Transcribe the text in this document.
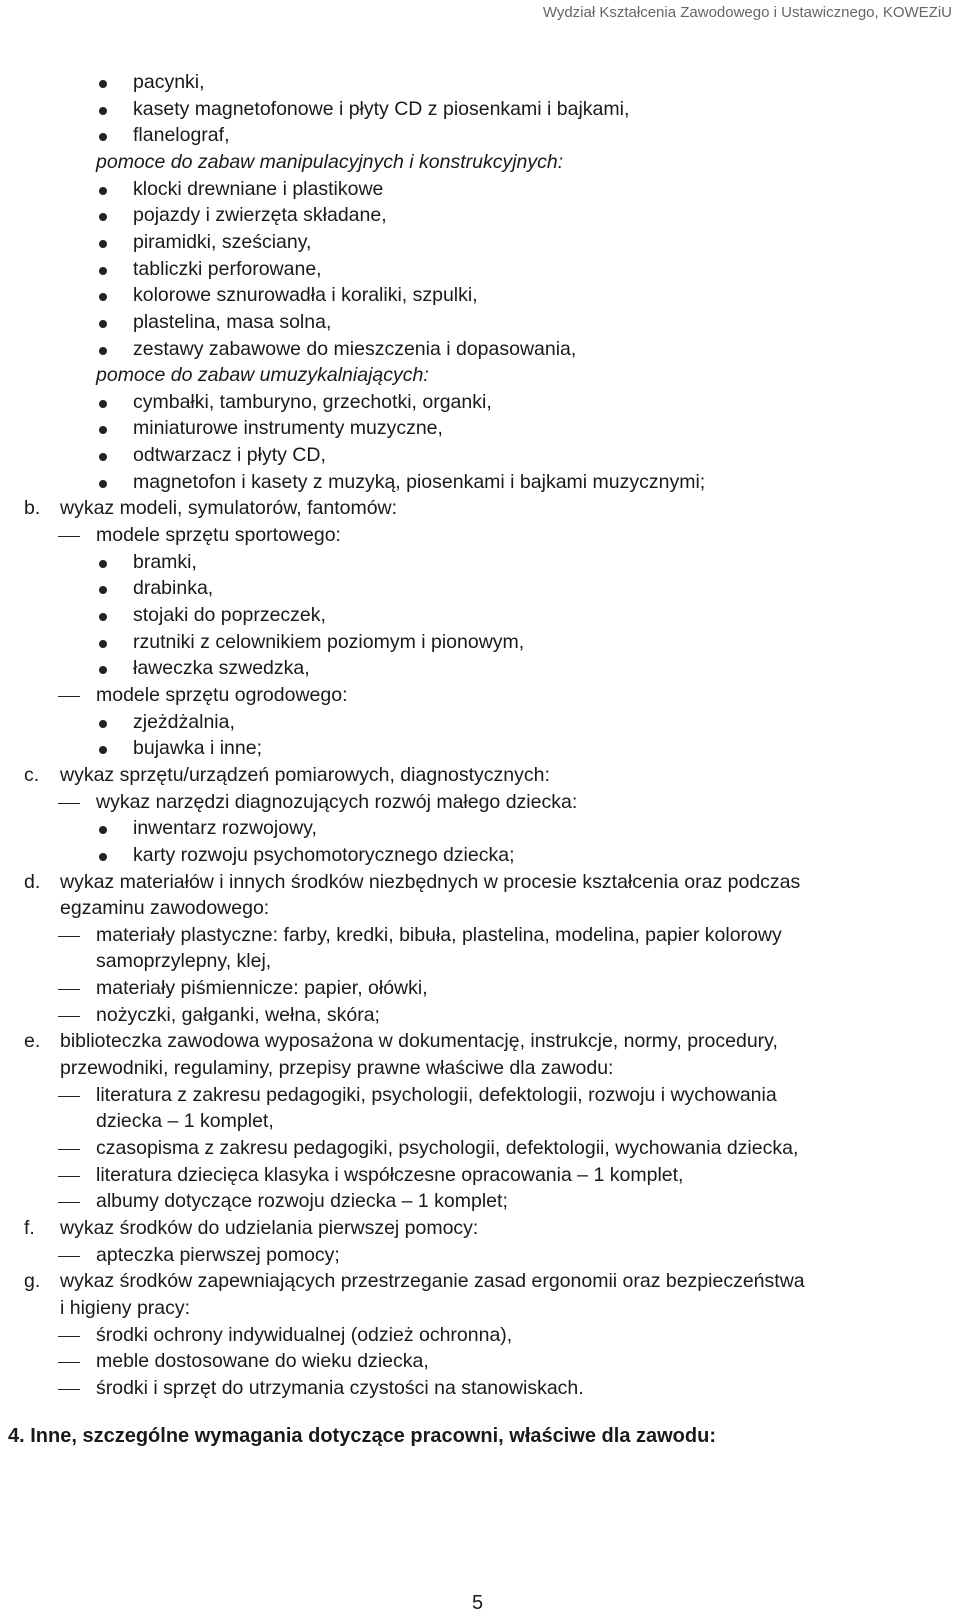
Wydział Kształcenia Zawodowego i Ustawicznego, KOWEZiU
pacynki,
kasety magnetofonowe i płyty CD z piosenkami i bajkami,
flanelograf,
pomoce do zabaw manipulacyjnych i konstrukcyjnych:
klocki drewniane i plastikowe
pojazdy i zwierzęta składane,
piramidki, sześciany,
tabliczki perforowane,
kolorowe sznurowadła i koraliki, szpulki,
plastelina, masa solna,
zestawy zabawowe do mieszczenia i dopasowania,
pomoce do zabaw umuzykalniających:
cymbałki, tamburyno, grzechotki, organki,
miniaturowe instrumenty muzyczne,
odtwarzacz i płyty CD,
magnetofon i kasety z muzyką, piosenkami i bajkami muzycznymi;
b. wykaz modeli, symulatorów, fantomów:
modele sprzętu sportowego:
bramki,
drabinka,
stojaki do poprzeczek,
rzutniki z celownikiem poziomym i pionowym,
ławeczka szwedzka,
modele sprzętu ogrodowego:
zjeżdżalnia,
bujawka i inne;
c. wykaz sprzętu/urządzeń pomiarowych, diagnostycznych:
wykaz narzędzi diagnozujących rozwój małego dziecka:
inwentarz rozwojowy,
karty rozwoju psychomotorycznego dziecka;
d. wykaz materiałów i innych środków niezbędnych w procesie kształcenia oraz podczas
egzaminu zawodowego:
materiały plastyczne: farby, kredki, bibuła, plastelina, modelina, papier kolorowy
samoprzylepny, klej,
materiały piśmiennicze: papier, ołówki,
nożyczki, gałganki, wełna, skóra;
e. biblioteczka zawodowa wyposażona w dokumentację, instrukcje, normy, procedury,
przewodniki, regulaminy, przepisy prawne właściwe dla zawodu:
literatura z zakresu pedagogiki, psychologii, defektologii, rozwoju i wychowania
dziecka – 1 komplet,
czasopisma z zakresu pedagogiki, psychologii, defektologii, wychowania dziecka,
literatura dziecięca klasyka i współczesne opracowania – 1 komplet,
albumy dotyczące rozwoju dziecka – 1 komplet;
f. wykaz środków do udzielania pierwszej pomocy:
apteczka pierwszej pomocy;
g. wykaz środków zapewniających przestrzeganie zasad ergonomii oraz bezpieczeństwa
i higieny pracy:
środki ochrony indywidualnej (odzież ochronna),
meble dostosowane do wieku dziecka,
środki i sprzęt do utrzymania czystości na stanowiskach.
4. Inne, szczególne wymagania dotyczące pracowni, właściwe dla zawodu:
5
